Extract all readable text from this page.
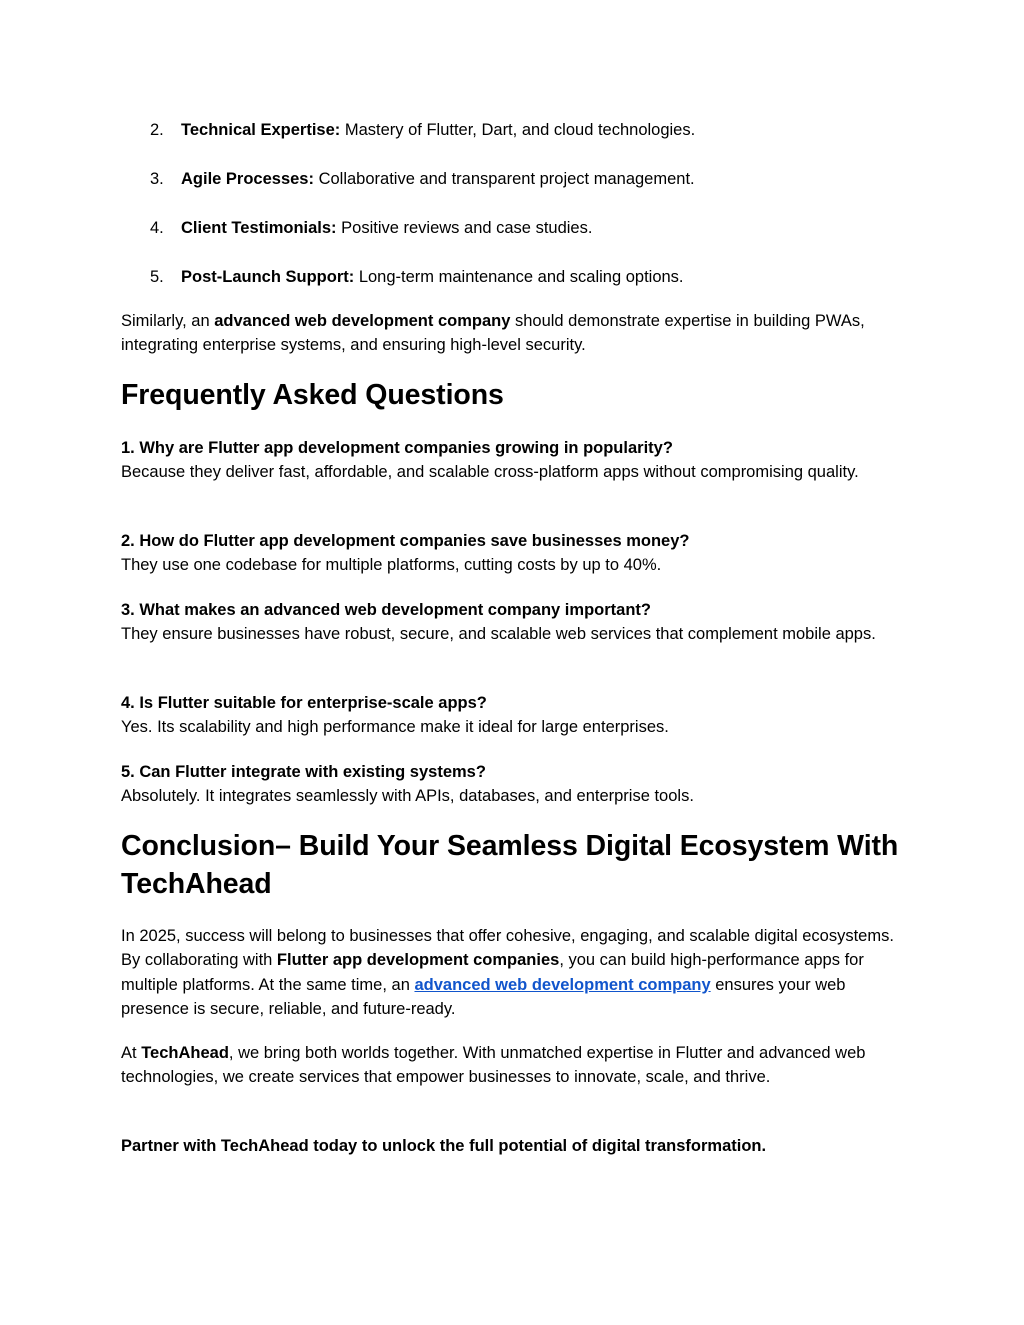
2. Technical Expertise: Mastery of Flutter, Dart, and cloud technologies.
3. Agile Processes: Collaborative and transparent project management.
4. Client Testimonials: Positive reviews and case studies.
5. Post-Launch Support: Long-term maintenance and scaling options.

Similarly, an advanced web development company should demonstrate expertise in building PWAs, integrating enterprise systems, and ensuring high-level security.

Frequently Asked Questions

1. Why are Flutter app development companies growing in popularity?
Because they deliver fast, affordable, and scalable cross-platform apps without compromising quality.

2. How do Flutter app development companies save businesses money?
They use one codebase for multiple platforms, cutting costs by up to 40%.

3. What makes an advanced web development company important?
They ensure businesses have robust, secure, and scalable web services that complement mobile apps.

4. Is Flutter suitable for enterprise-scale apps?
Yes. Its scalability and high performance make it ideal for large enterprises.

5. Can Flutter integrate with existing systems?
Absolutely. It integrates seamlessly with APIs, databases, and enterprise tools.

Conclusion– Build Your Seamless Digital Ecosystem With TechAhead

In 2025, success will belong to businesses that offer cohesive, engaging, and scalable digital ecosystems. By collaborating with Flutter app development companies, you can build high-performance apps for multiple platforms. At the same time, an advanced web development company ensures your web presence is secure, reliable, and future-ready.

At TechAhead, we bring both worlds together. With unmatched expertise in Flutter and advanced web technologies, we create services that empower businesses to innovate, scale, and thrive.

Partner with TechAhead today to unlock the full potential of digital transformation.
